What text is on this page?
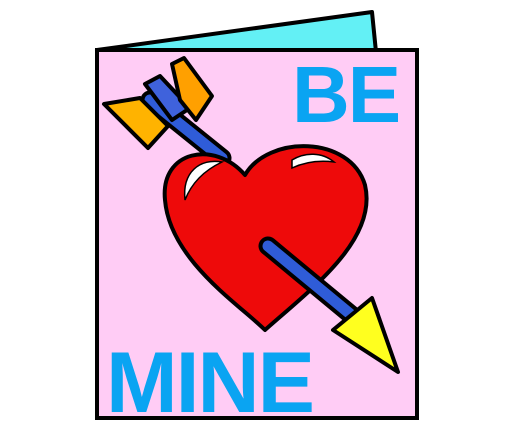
BE
MINE
